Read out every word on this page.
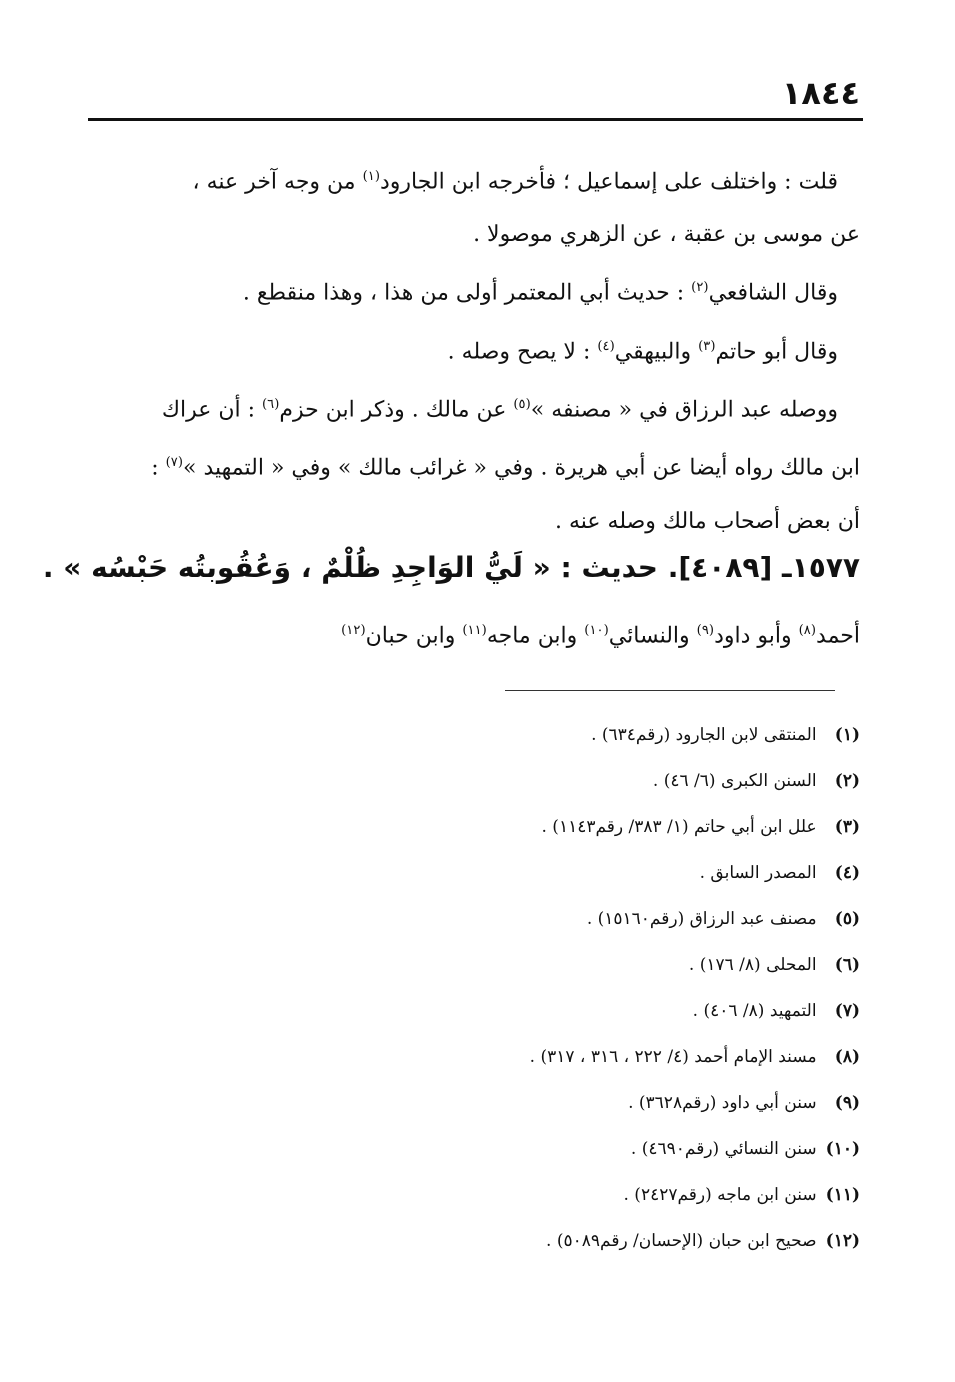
١٨٤٤

قلت : واختلف على إسماعيل ؛ فأخرجه ابن الجارود$^{(١)}$ من وجه آخر عنه ،

عن موسى بن عقبة ، عن الزهري موصولا .

وقال الشافعي$^{(٢)}$ : حديث أبي المعتمر أولى من هذا ، وهذا منقطع .

وقال أبو حاتم$^{(٣)}$ والبيهقي$^{(٤)}$ : لا يصح وصله .

ووصله عبد الرزاق في « مصنفه »$^{(٥)}$ عن مالك . وذكر ابن حزم$^{(٦)}$ : أن عراك

ابن مالك رواه أيضا عن أبي هريرة . وفي « غرائب مالك » وفي « التمهيد »$^{(٧)}$ :

أن بعض أصحاب مالك وصله عنه .

١٥٧٧ـ [٤٠٨٩]. حديث : « لَيُّ الوَاجِدِ ظُلْمٌ ، وَعُقُوبتُه حَبْسُه » .
أحمد$^{(٨)}$ وأبو داود$^{(٩)}$ والنسائي$^{(١٠)}$ وابن ماجه$^{(١١)}$ وابن حبان$^{(١٢)}$
(١) المنتقى لابن الجارود (رقم٦٣٤) .
(٢) السنن الكبرى (٦/ ٤٦) .
(٣) علل ابن أبي حاتم (١/ ٣٨٣/ رقم١١٤٣) .
(٤) المصدر السابق .
(٥) مصنف عبد الرزاق (رقم١٥١٦٠) .
(٦) المحلى (٨/ ١٧٦) .
(٧) التمهيد (٨/ ٤٠٦) .
(٨) مسند الإمام أحمد (٤/ ٢٢٢ ، ٣١٦ ، ٣١٧) .
(٩) سنن أبي داود (رقم٣٦٢٨) .
(١٠) سنن النسائي (رقم٤٦٩٠) .
(١١) سنن ابن ماجه (رقم٢٤٢٧) .
(١٢) صحيح ابن حبان (الإحسان/ رقم٥٠٨٩) .
